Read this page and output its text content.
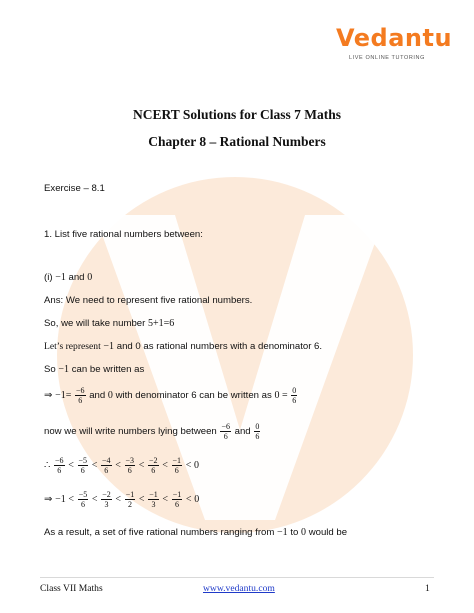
Vedantu
LIVE ONLINE TUTORING
NCERT Solutions for Class 7 Maths
Chapter 8 – Rational Numbers
Exercise – 8.1
1. List five rational numbers between:
(i) −1 and 0
Ans: We need to represent five rational numbers.
So, we will take number 5+1=6
Let’s represent −1 and 0 as rational numbers with a denominator 6.
So −1 can be written as
⇒ $-1= \frac{-6}{6}$ and 0 with denominator 6 can be written as $0 = \frac{0}{6}$
now we will write numbers lying between $\frac{-6}{6}$ and $\frac{0}{6}$
∴ $\frac{-6}{6} < \frac{-5}{6} < \frac{-4}{6} < \frac{-3}{6} < \frac{-2}{6} < \frac{-1}{6} < 0$
⇒ $-1 < \frac{-5}{6} < \frac{-2}{3} < \frac{-1}{2} < \frac{-1}{3} < \frac{-1}{6} < 0$
As a result, a set of five rational numbers ranging from −1 to 0 would be
Class VII Maths	www.vedantu.com	1
